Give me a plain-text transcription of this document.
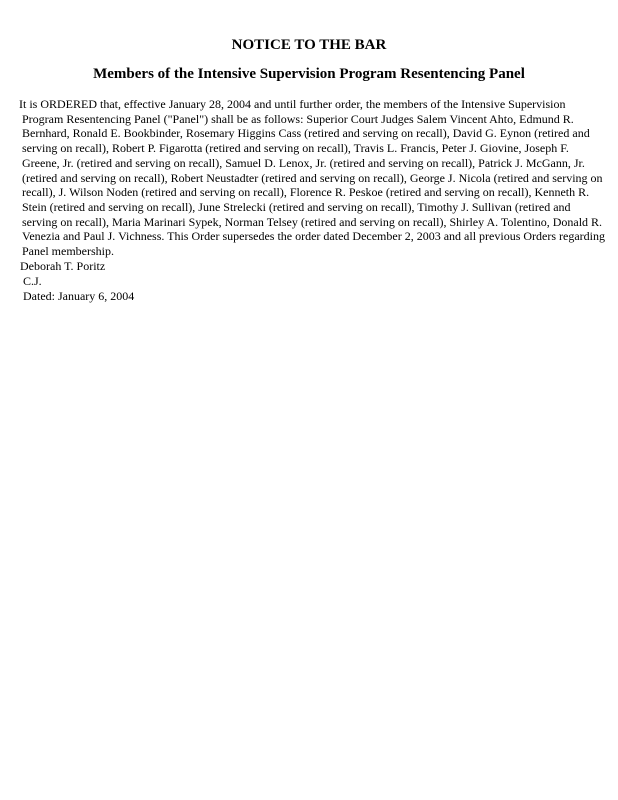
NOTICE TO THE BAR
Members of the Intensive Supervision Program Resentencing Panel
It is ORDERED that, effective January 28, 2004 and until further order, the members of the Intensive Supervision Program Resentencing Panel ("Panel") shall be as follows: Superior Court Judges Salem Vincent Ahto, Edmund R. Bernhard, Ronald E. Bookbinder, Rosemary Higgins Cass (retired and serving on recall), David G. Eynon (retired and serving on recall), Robert P. Figarotta (retired and serving on recall), Travis L. Francis, Peter J. Giovine, Joseph F. Greene, Jr. (retired and serving on recall), Samuel D. Lenox, Jr. (retired and serving on recall), Patrick J. McGann, Jr. (retired and serving on recall), Robert Neustadter (retired and serving on recall), George J. Nicola (retired and serving on recall), J. Wilson Noden (retired and serving on recall), Florence R. Peskoe (retired and serving on recall), Kenneth R. Stein (retired and serving on recall), June Strelecki (retired and serving on recall), Timothy J. Sullivan (retired and serving on recall), Maria Marinari Sypek, Norman Telsey (retired and serving on recall), Shirley A. Tolentino, Donald R. Venezia and Paul J. Vichness. This Order supersedes the order dated December 2, 2003 and all previous Orders regarding Panel membership.
Deborah T. Poritz
C.J.
Dated: January 6, 2004
